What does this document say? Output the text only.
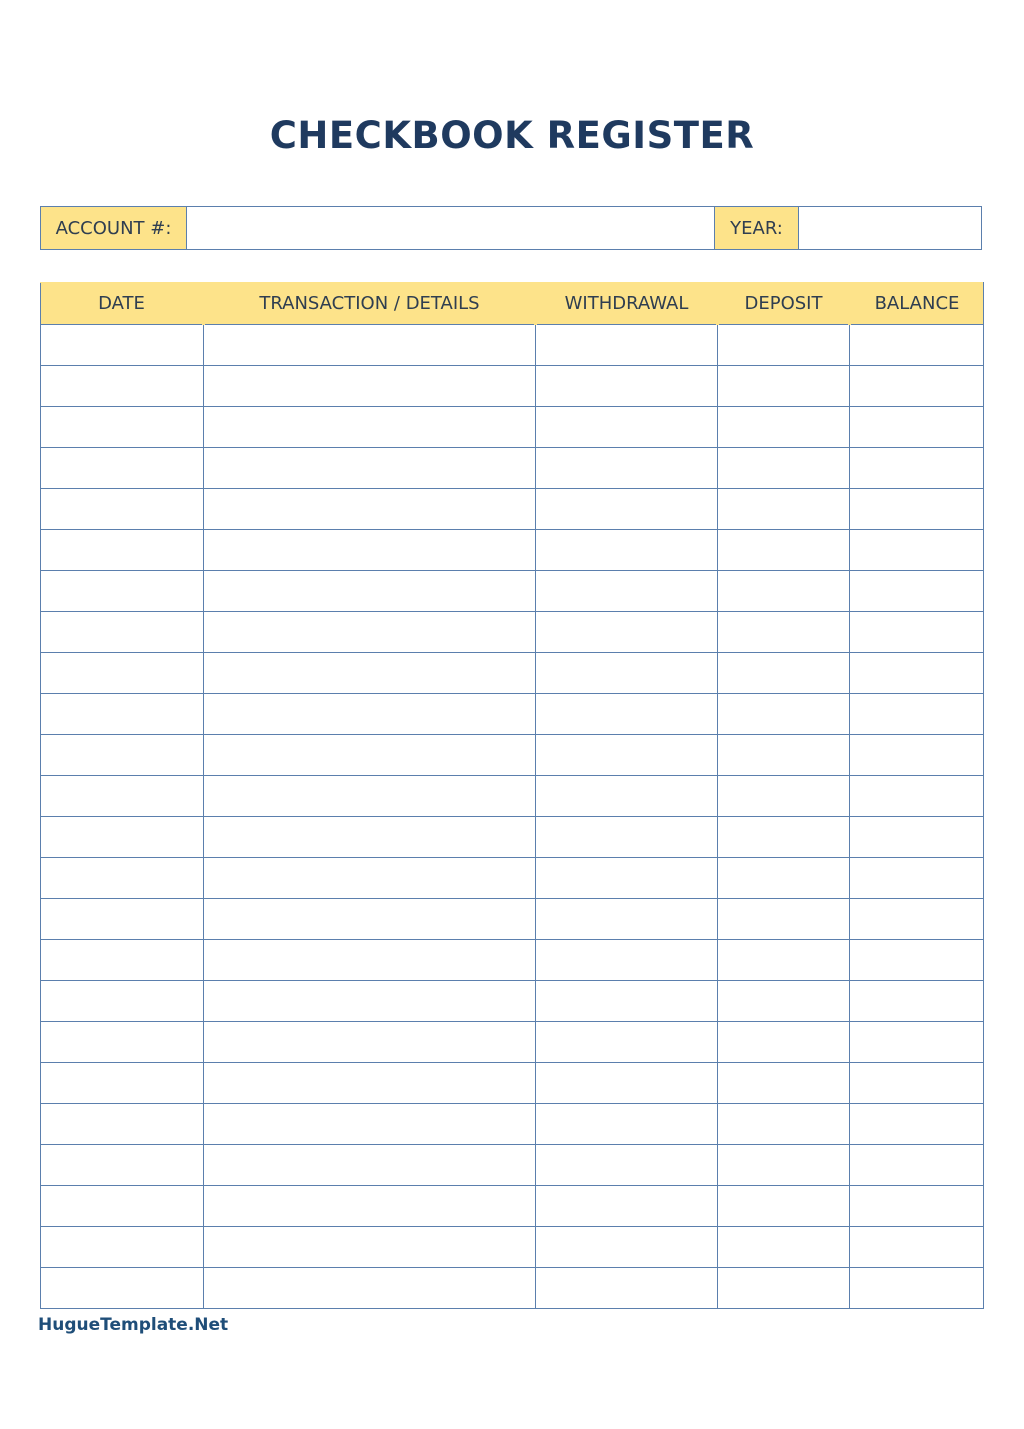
CHECKBOOK REGISTER
ACCOUNT #:	YEAR:
DATE	TRANSACTION / DETAILS	WITHDRAWAL	DEPOSIT	BALANCE

HugueTemplate.Net
